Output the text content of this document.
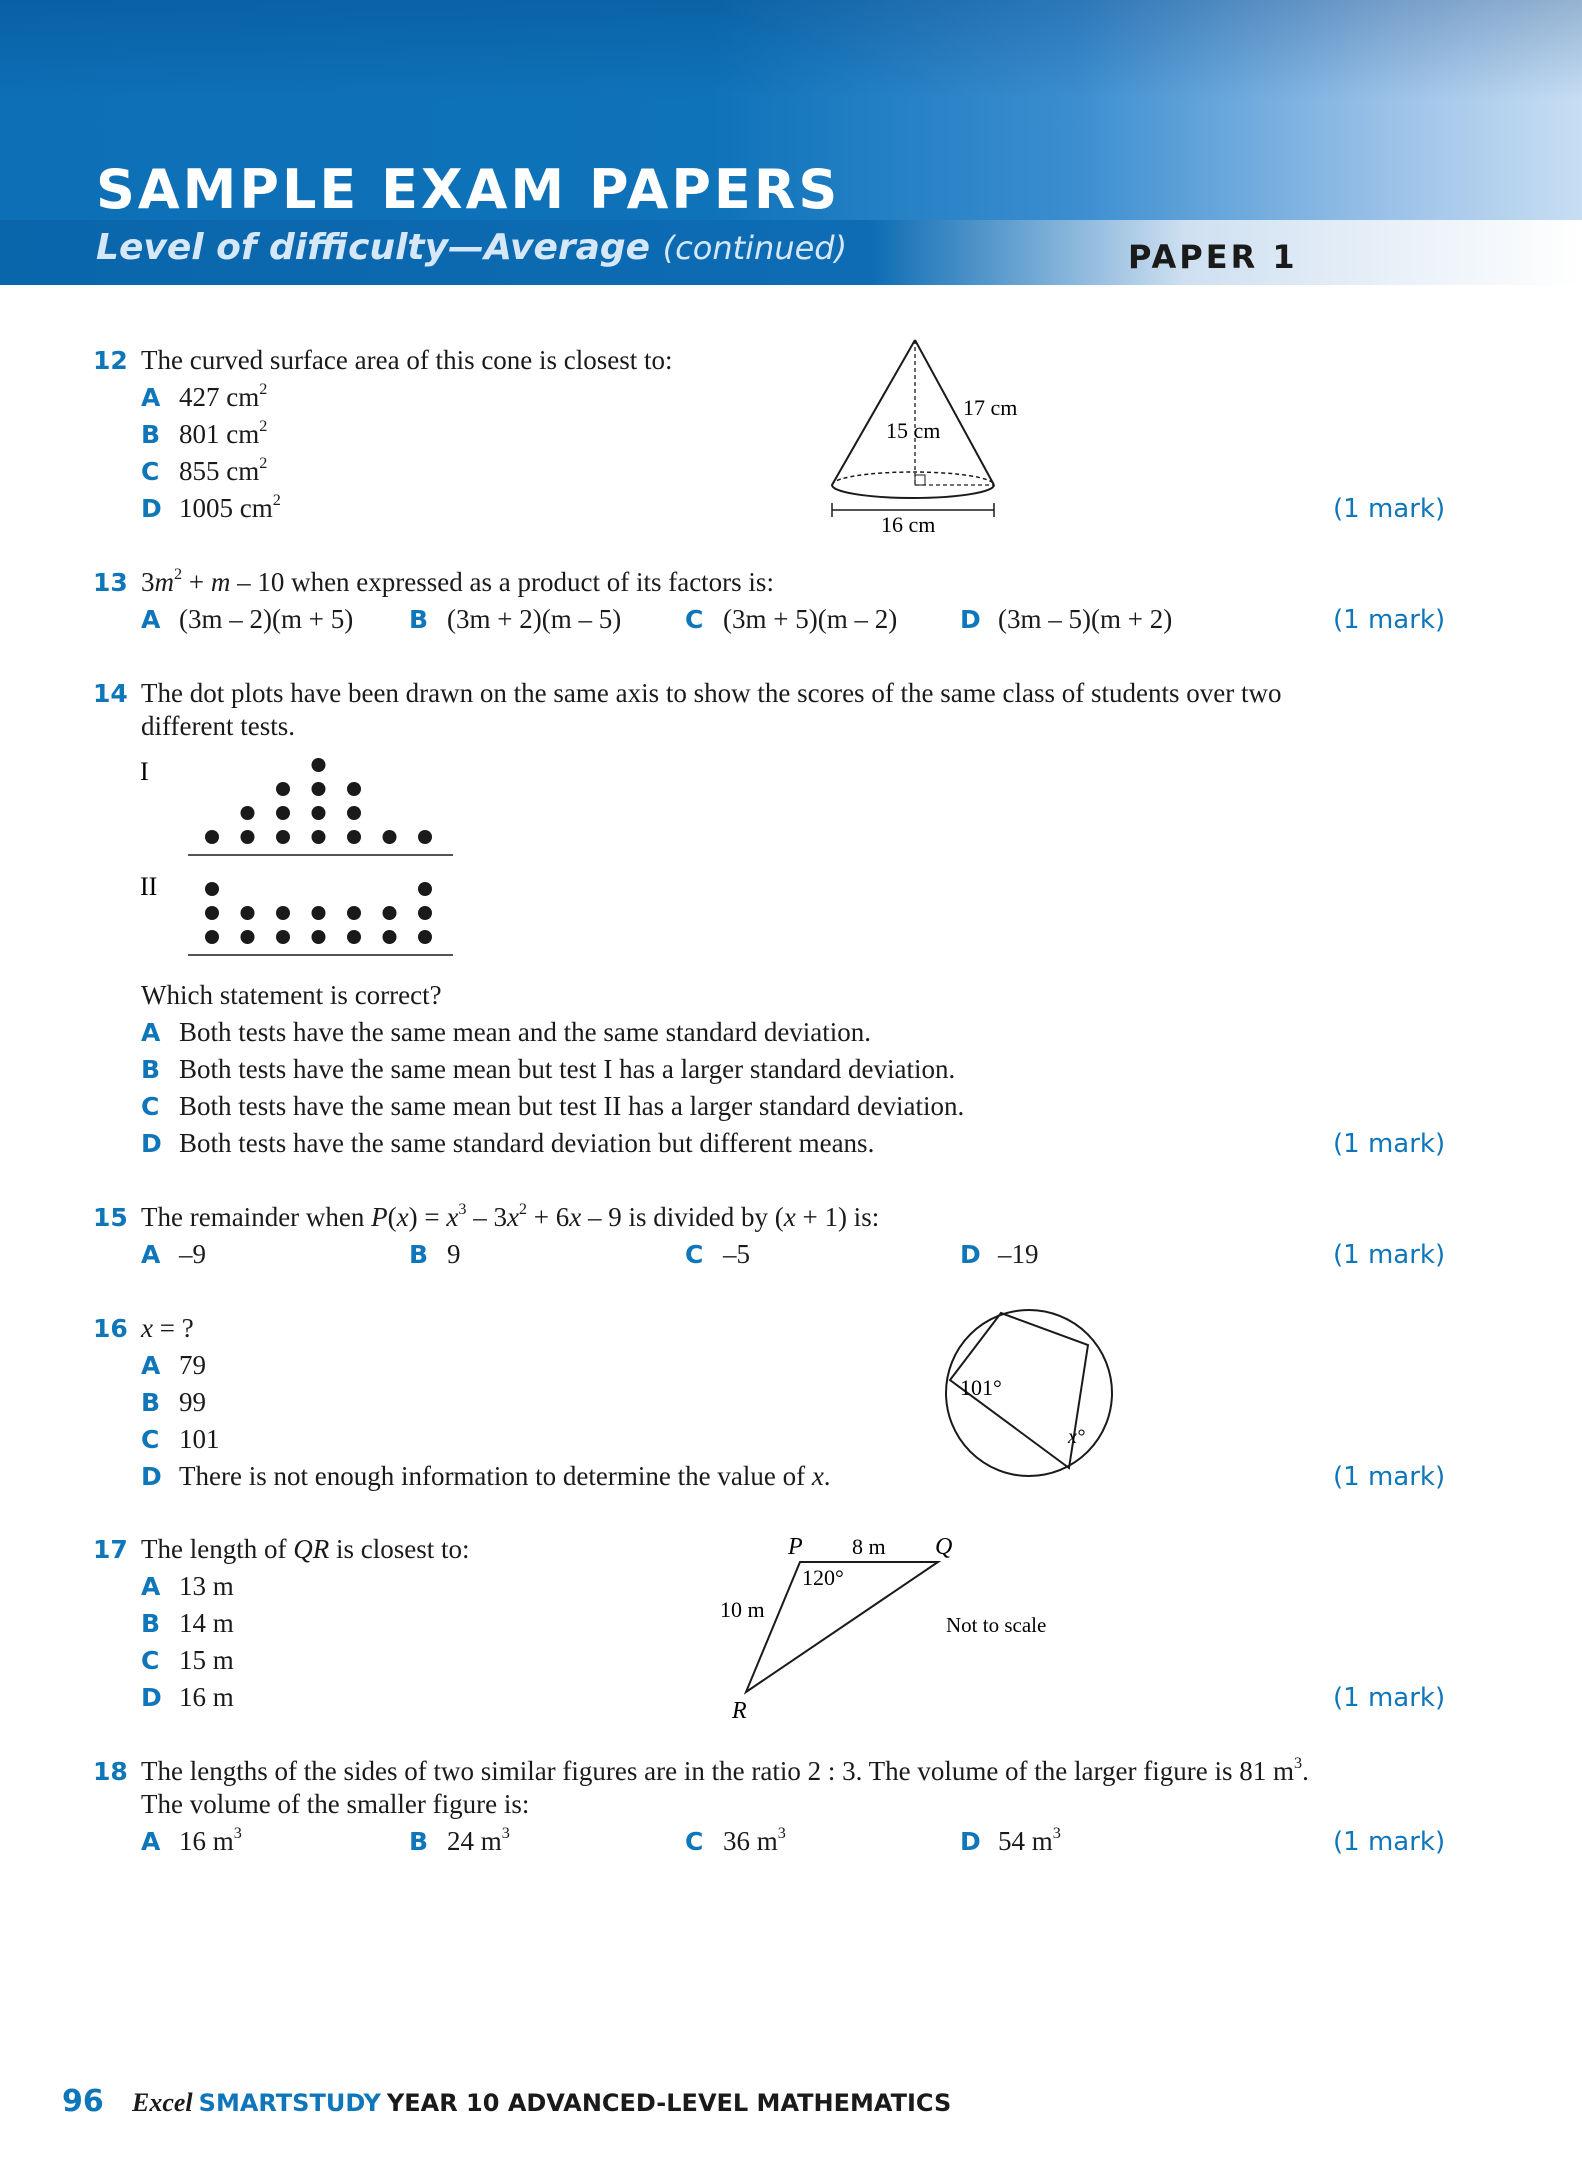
SAMPLE EXAM PAPERS
Level of difficulty—Average (continued)	PAPER 1
12 The curved surface area of this cone is closest to:
A 427 $cm^2$
B 801 $cm^2$
C 855 $cm^2$
D 1005 $cm^2$	(1 mark)
17 cm
15 cm
16 cm
13 $3m^2 + m - 10$ when expressed as a product of its factors is:
A (3m – 2)(m + 5) B (3m + 2)(m – 5)	C (3m + 5)(m – 2)	D (3m – 5)(m + 2)	(1 mark)
14 The dot plots have been drawn on the same axis to show the scores of the same class of students over two
different tests.
I
II
Which statement is correct?
A Both tests have the same mean and the same standard deviation.
B Both tests have the same mean but test I has a larger standard deviation.
C Both tests have the same mean but test II has a larger standard deviation.
D Both tests have the same standard deviation but different means.	(1 mark)
15 The remainder when $P(x) = x^3 - 3x^2 + 6x - 9$ is divided by (x + 1) is:
A –9	B 9	C –5	D –19	(1 mark)
16 x = ?
A 79
B 99
C 101
D There is not enough information to determine the value of x.	(1 mark)
101°
x°
17 The length of QR is closest to:
A 13 m
B 14 m
C 15 m
D 16 m	(1 mark)
P	Q
R
8 m
10 m
120°
Not to scale
18 The lengths of the sides of two similar figures are in the ratio 2 : 3. The volume of the larger figure is 81 $m^3$.
The volume of the smaller figure is:
A 16 $m^3$	B 24 $m^3$	C 36 $m^3$	D 54 $m^3$	(1 mark)
96 Excel SMARTSTUDY YEAR 10 ADVANCED-LEVEL MATHEMATICS
